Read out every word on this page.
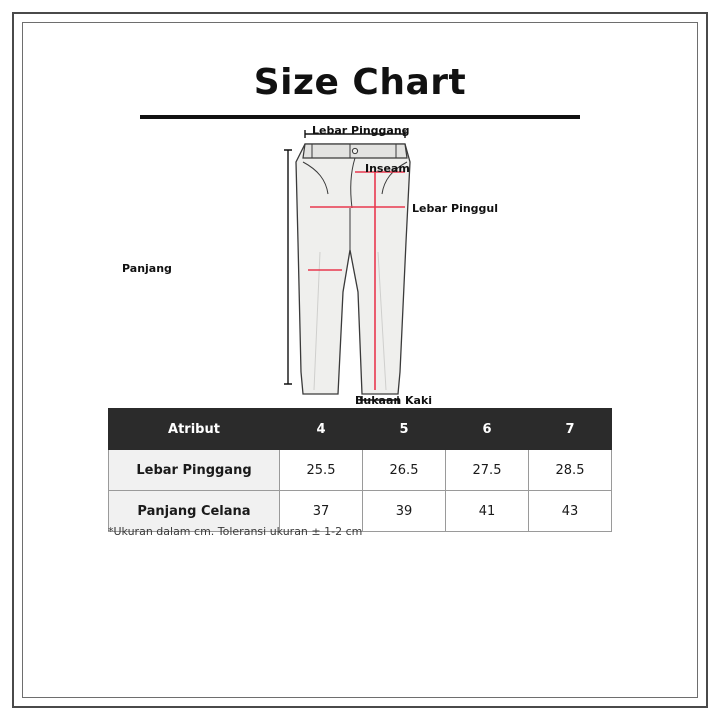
Size Chart
Lebar Pinggang
Inseam
Lebar Pinggul
Panjang
Bukaan Kaki
Atribut	4	5	6	7
Lebar Pinggang	25.5	26.5	27.5	28.5
Panjang Celana	37	39	41	43
*Ukuran dalam cm. Toleransi ukuran ± 1-2 cm
